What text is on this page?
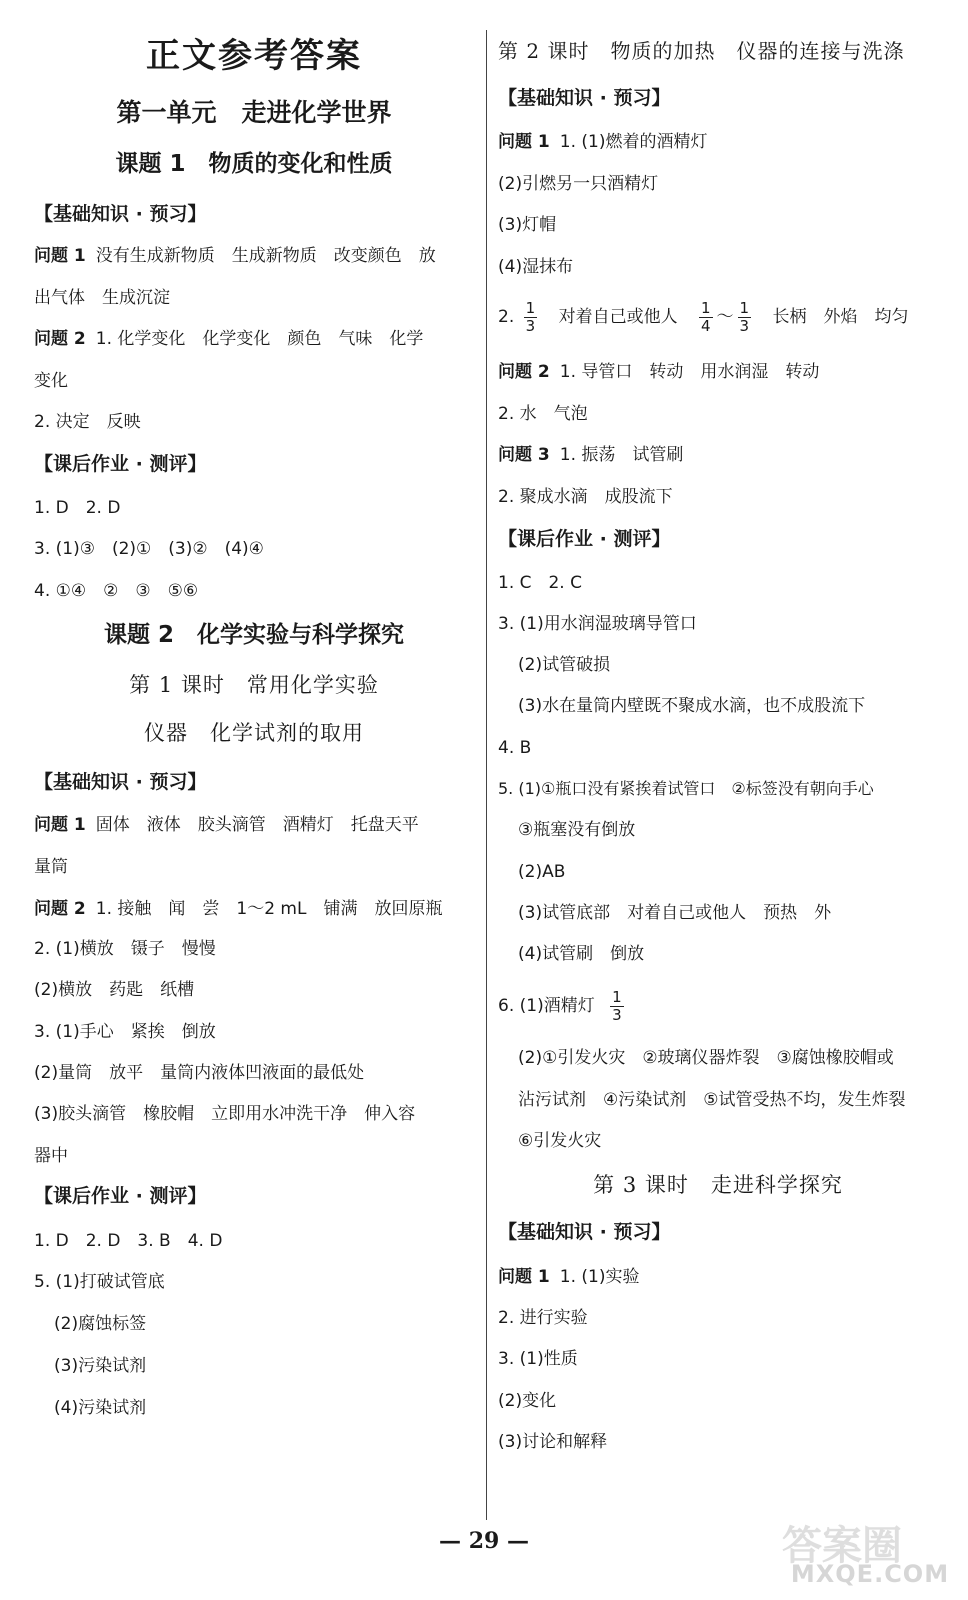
正文参考答案
第一单元　走进化学世界
课题 1　物质的变化和性质
【基础知识 · 预习】
问题 1 没有生成新物质　生成新物质　改变颜色　放
出气体　生成沉淀
问题 2 1. 化学变化　化学变化　颜色　气味　化学
变化
2. 决定　反映
【课后作业 · 测评】
1. D　2. D
3. (1)③　(2)①　(3)②　(4)④
4. ①④　②　③　⑤⑥
课题 2　化学实验与科学探究
第 1 课时　常用化学实验
仪器　化学试剂的取用
【基础知识 · 预习】
问题 1 固体　液体　胶头滴管　酒精灯　托盘天平
量筒
问题 2 1. 接触　闻　尝　1～2 mL　铺满　放回原瓶
2. (1)横放　镊子　慢慢
(2)横放　药匙　纸槽
3. (1)手心　紧挨　倒放
(2)量筒　放平　量筒内液体凹液面的最低处
(3)胶头滴管　橡胶帽　立即用水冲洗干净　伸入容
器中
【课后作业 · 测评】
1. D　2. D　3. B　4. D
5. (1)打破试管底
(2)腐蚀标签
(3)污染试剂
(4)污染试剂
第 2 课时　物质的加热　仪器的连接与洗涤
【基础知识 · 预习】
问题 1 1. (1)燃着的酒精灯
(2)引燃另一只酒精灯
(3)灯帽
(4)湿抹布
2. $\frac{1}{3}$ 对着自己或他人 $\frac{1}{4}$ ～ $\frac{1}{3}$ 长柄　外焰　均匀
问题 2 1. 导管口　转动　用水润湿　转动
2. 水　气泡
问题 3 1. 振荡　试管刷
2. 聚成水滴　成股流下
【课后作业 · 测评】
1. C　2. C
3. (1)用水润湿玻璃导管口
(2)试管破损
(3)水在量筒内壁既不聚成水滴，也不成股流下
4. B
5. (1)①瓶口没有紧挨着试管口　②标签没有朝向手心
③瓶塞没有倒放
(2)AB
(3)试管底部　对着自己或他人　预热　外
(4)试管刷　倒放
6. (1)酒精灯 $\frac{1}{3}$
(2)①引发火灾　②玻璃仪器炸裂　③腐蚀橡胶帽或
沾污试剂　④污染试剂　⑤试管受热不均，发生炸裂
⑥引发火灾
第 3 课时　走进科学探究
【基础知识 · 预习】
问题 1 1. (1)实验
2. 进行实验
3. (1)性质
(2)变化
(3)讨论和解释
— 29 —	答案圈
MXQE.COM
